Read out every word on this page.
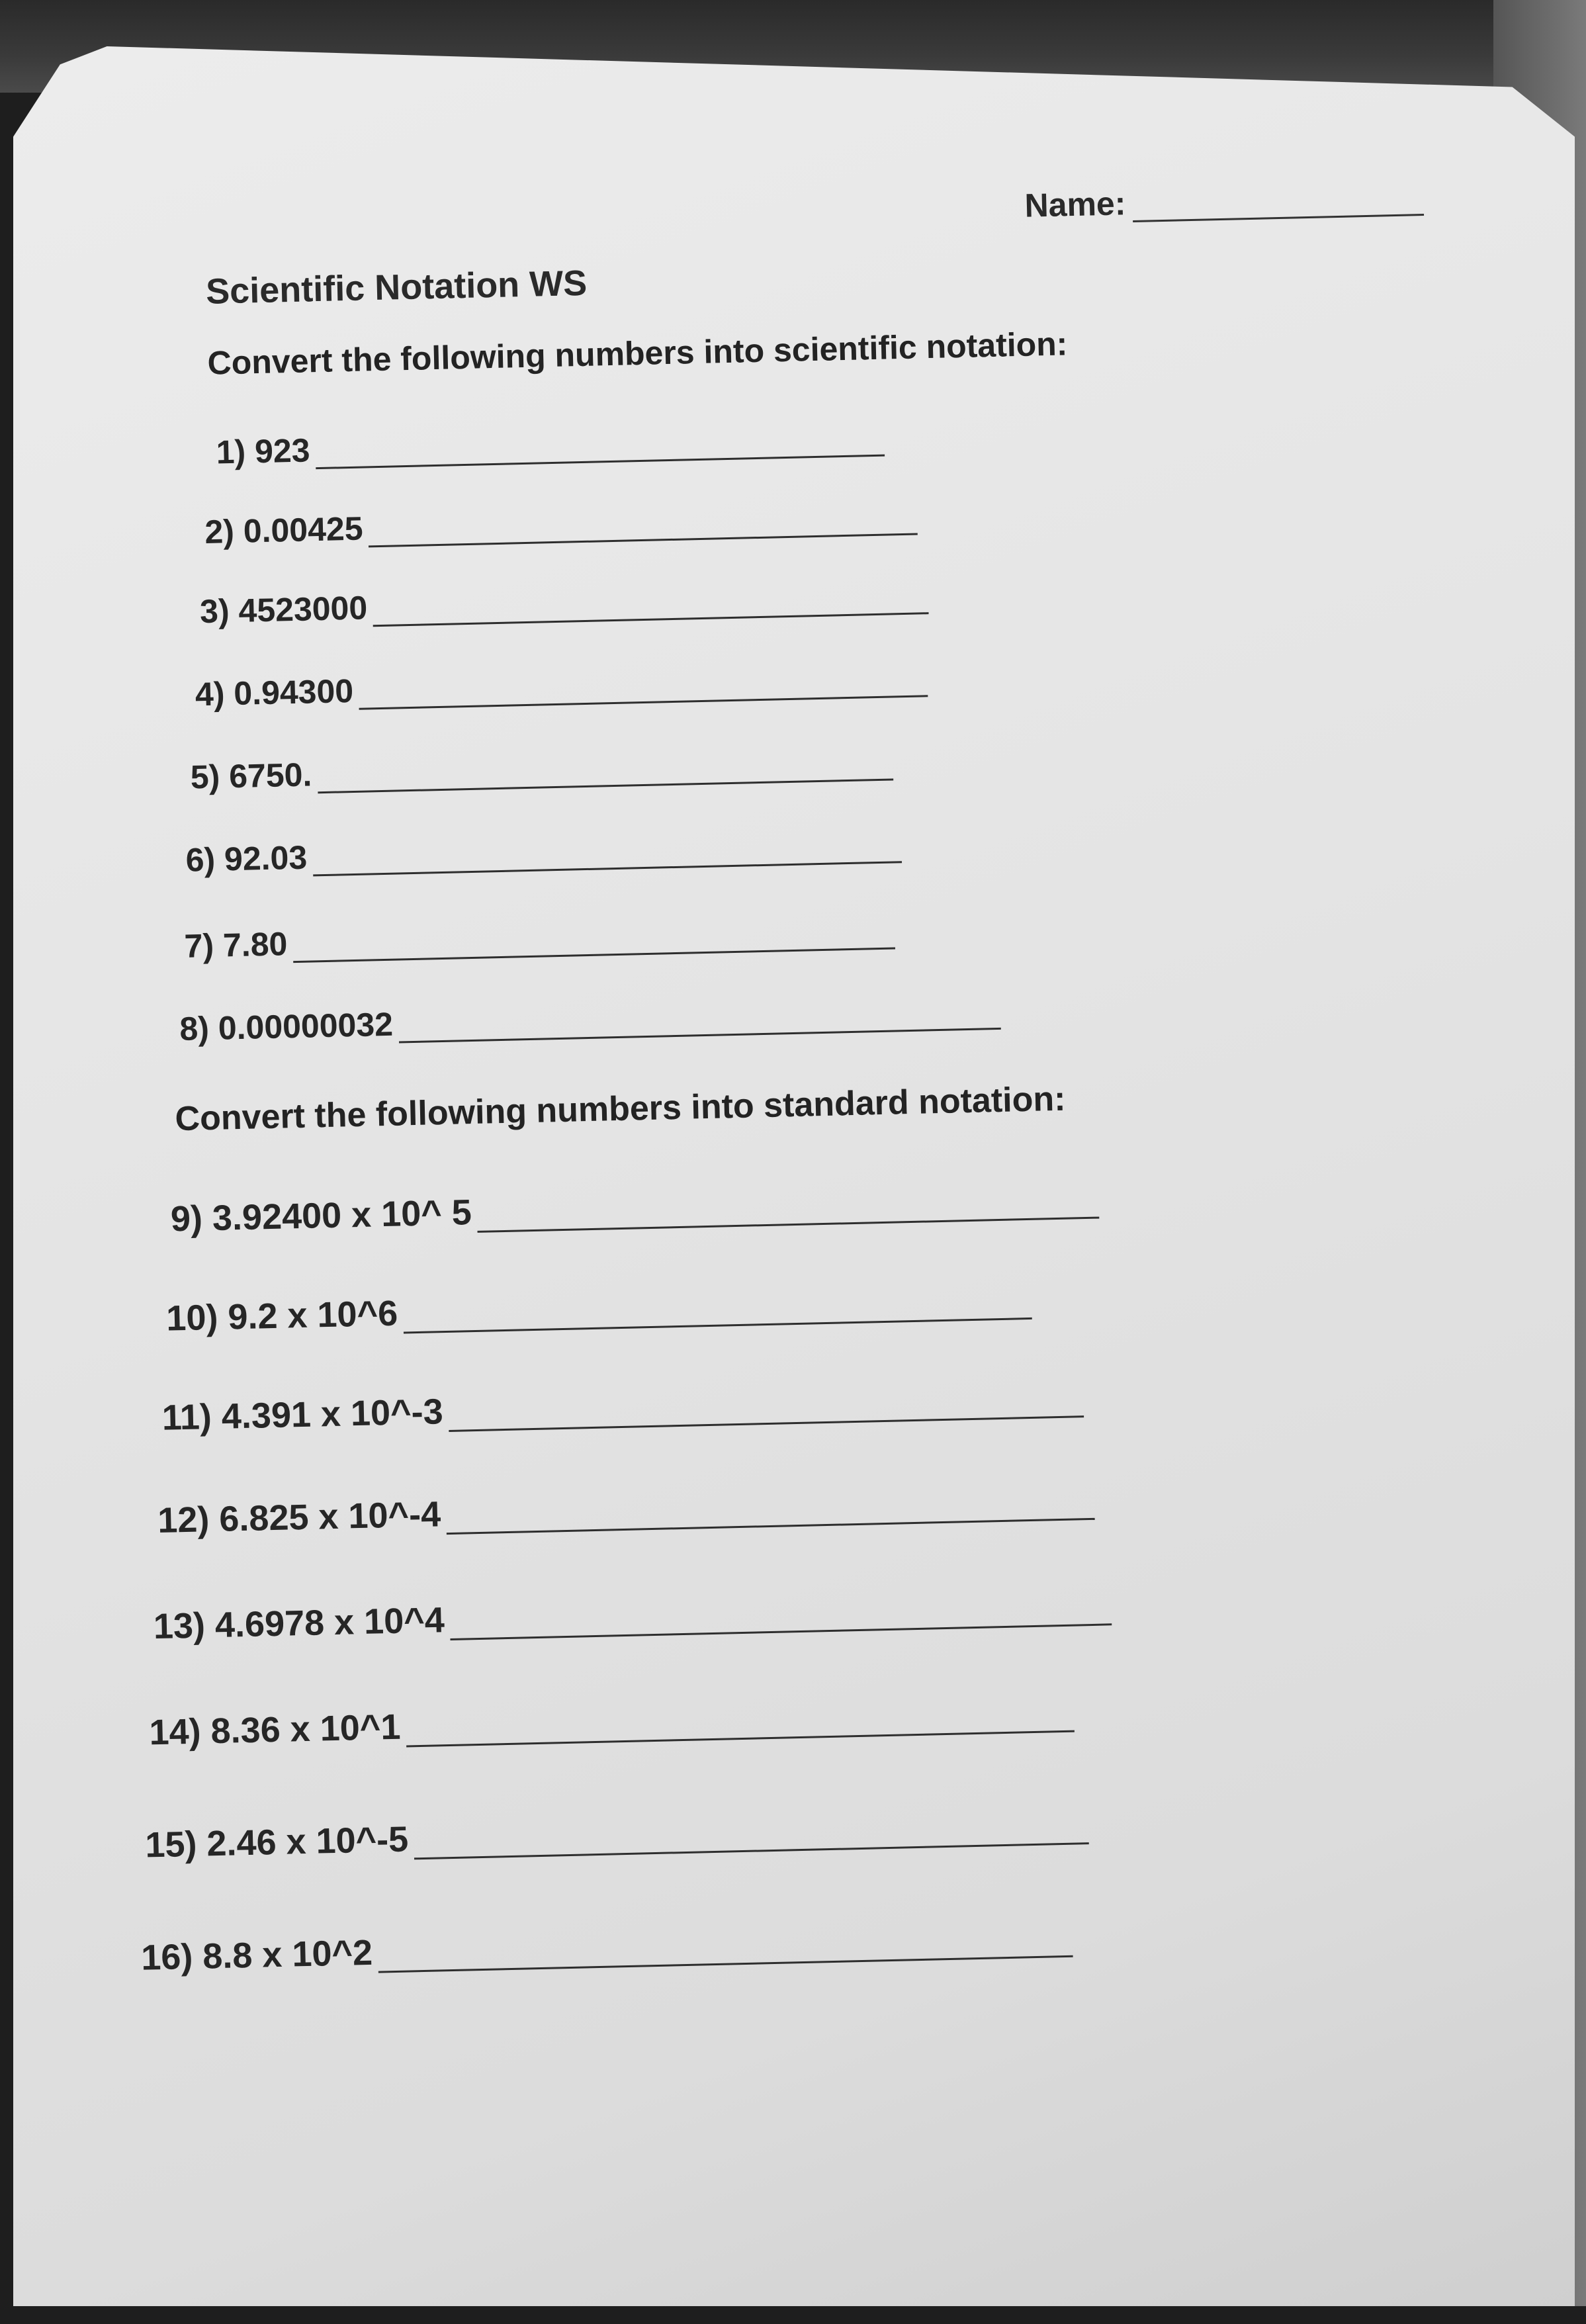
Name:
Scientific Notation WS
Convert the following numbers into scientific notation:
1)
923
2)
0.00425
3)
4523000
4)
0.94300
5)
6750.
6)
92.03
7)
7.80
8)
0.00000032
Convert the following numbers into standard notation:
9)
3.92400 x 10^ 5
10)
9.2 x 10^6
11)
4.391 x 10^-3
12)
6.825 x 10^-4
13)
4.6978 x 10^4
14)
8.36 x 10^1
15)
2.46 x 10^-5
16)
8.8 x 10^2
